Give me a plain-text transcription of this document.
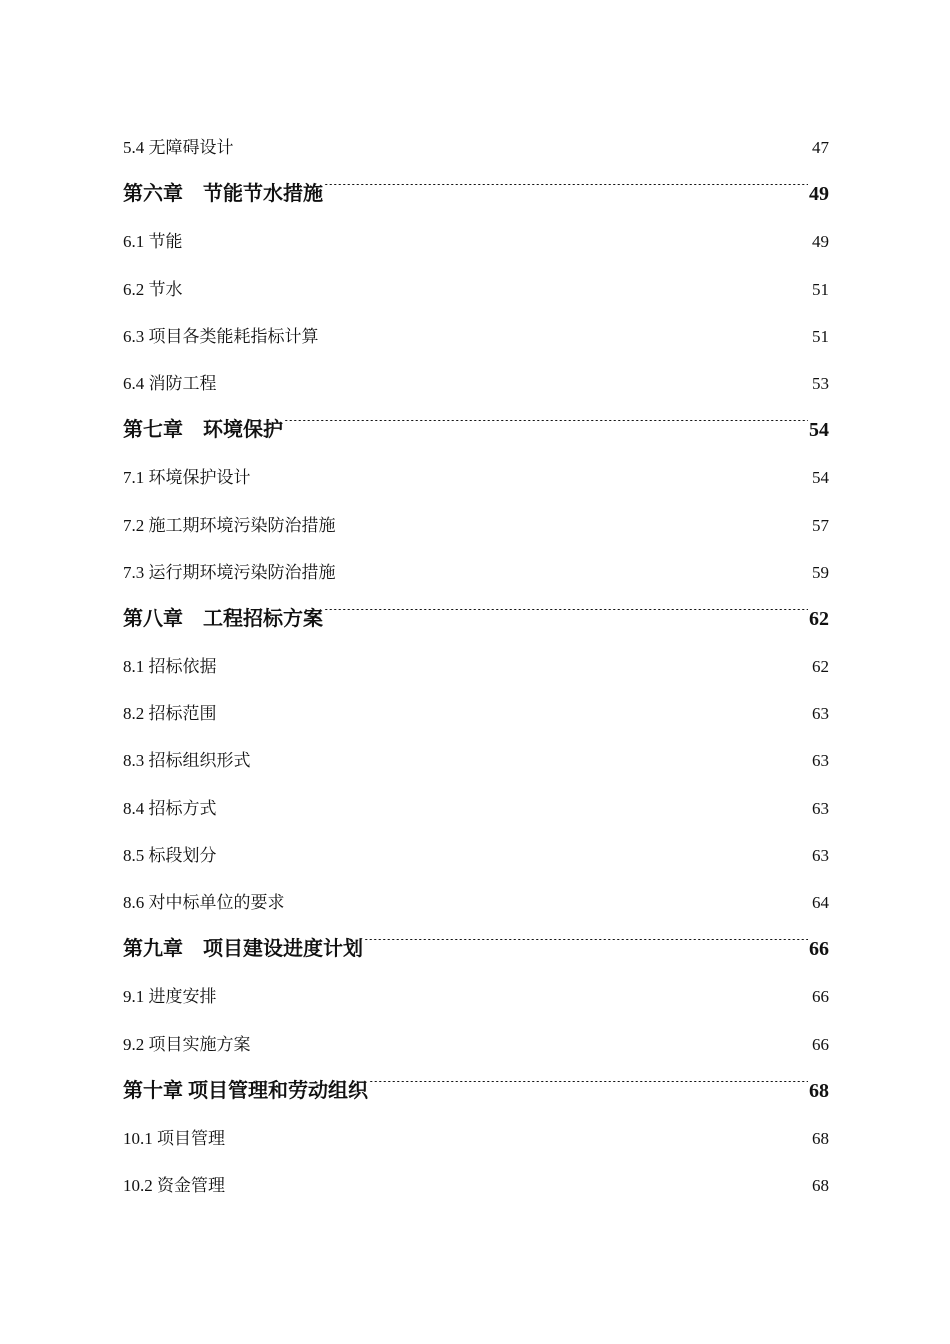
5.4 无障碍设计 .....	47
第六章　节能节水措施 .....	49
6.1 节能 .....	49
6.2 节水 .....	51
6.3 项目各类能耗指标计算 .....	51
6.4 消防工程 .....	53
第七章　环境保护 .....	54
7.1 环境保护设计 .....	54
7.2 施工期环境污染防治措施 .....	57
7.3 运行期环境污染防治措施 .....	59
第八章　工程招标方案 .....	62
8.1 招标依据 .....	62
8.2 招标范围 .....	63
8.3 招标组织形式 .....	63
8.4 招标方式 .....	63
8.5 标段划分 .....	63
8.6 对中标单位的要求 .....	64
第九章　项目建设进度计划 .....	66
9.1 进度安排 .....	66
9.2 项目实施方案 .....	66
第十章 项目管理和劳动组织 .....	68
10.1 项目管理 .....	68
10.2 资金管理 .....	68
